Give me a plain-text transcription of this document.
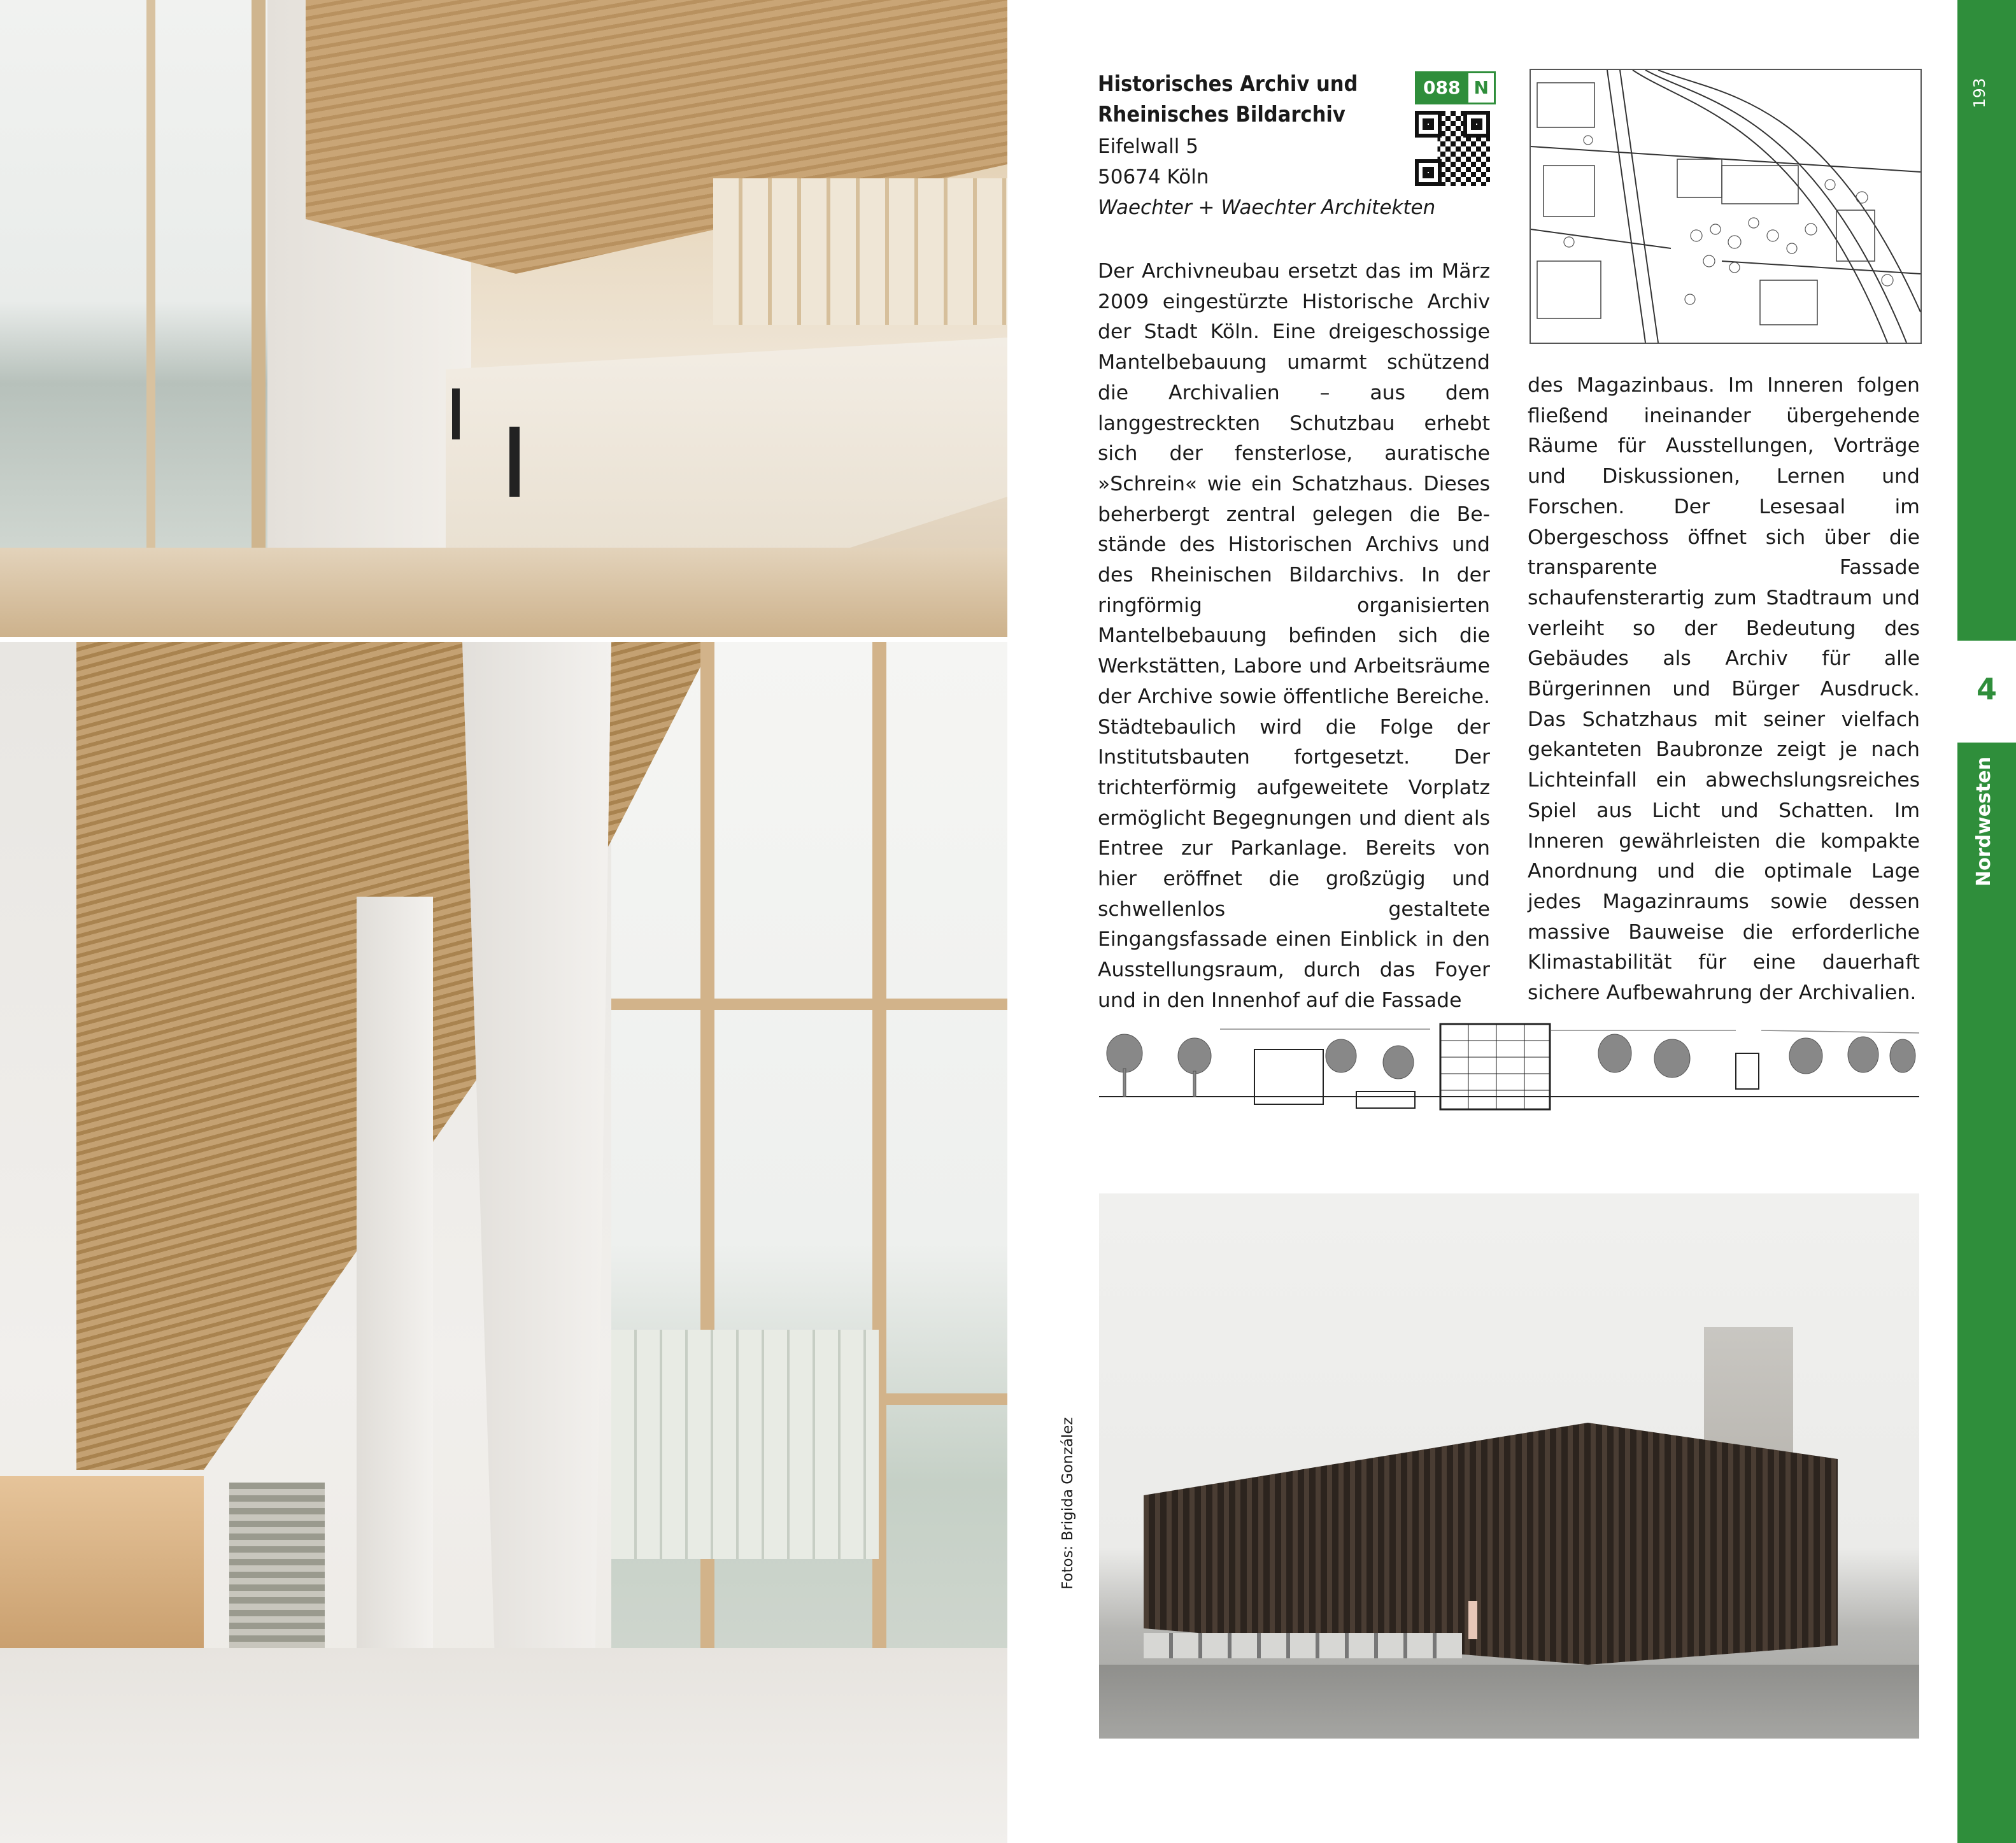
Historisches Archiv und
Rheinisches Bildarchiv
Eifelwall 5
50674 Köln
Waechter + Waechter Architekten
088 N

Der Archivneubau ersetzt das im März 2009 eingestürzte Historische Archiv der Stadt Köln. Eine dreigeschossige Mantelbebauung umarmt schützend die Archivalien – aus dem langgestreckten Schutzbau erhebt sich der fensterlose, auratische »Schrein« wie ein Schatzhaus. Dieses beherbergt zentral gelegen die Bestände des Historischen Archivs und des Rheinischen Bildarchivs. In der ringförmig organisierten Mantelbebauung befinden sich die Werkstätten, Labore und Arbeitsräume der Archive sowie öffentliche Bereiche. Städtebaulich wird die Folge der Institutsbauten fortgesetzt. Der trichterförmig aufgeweitete Vorplatz ermöglicht Begegnungen und dient als Entree zur Parkanlage. Bereits von hier eröffnet die großzügig und schwellenlos gestaltete Eingangsfassade einen Einblick in den Ausstellungsraum, durch das Foyer und in den Innenhof auf die Fassade

des Magazinbaus. Im Inneren folgen fließend ineinander übergehende Räume für Ausstellungen, Vorträge und Diskussionen, Lernen und Forschen. Der Lesesaal im Obergeschoss öffnet sich über die transparente Fassade schaufensterartig zum Stadtraum und verleiht so der Bedeutung des Gebäudes als Archiv für alle Bürgerinnen und Bürger Ausdruck. Das Schatzhaus mit seiner vielfach gekanteten Baubronze zeigt je nach Lichteinfall ein abwechslungsreiches Spiel aus Licht und Schatten. Im Inneren gewährleisten die kompakte Anordnung und die optimale Lage jedes Magazinraums sowie dessen massive Bauweise die erforderliche Klimastabilität für eine dauerhaft sichere Aufbewahrung der Archivalien.

Fotos: Brigida González
193
4
Nordwesten
